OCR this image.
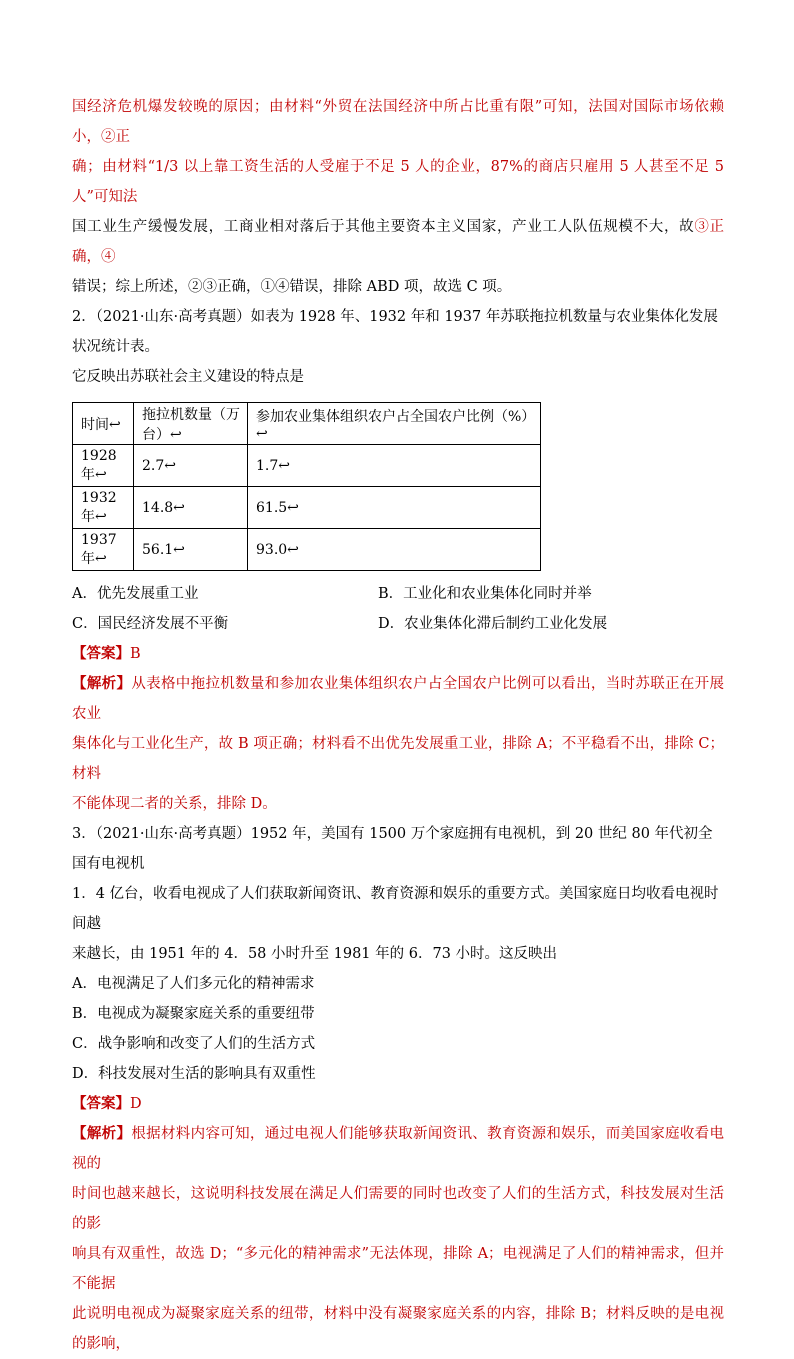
国经济危机爆发较晚的原因；由材料“外贸在法国经济中所占比重有限”可知，法国对国际市场依赖小，②正

确；由材料“1/3 以上靠工资生活的人受雇于不足 5 人的企业，87%的商店只雇用 5 人甚至不足 5 人”可知法

国工业生产缓慢发展，工商业相对落后于其他主要资本主义国家，产业工人队伍规模不大，故③正确，④

错误；综上所述，②③正确，①④错误，排除 ABD 项，故选 C 项。

2．（2021·山东·高考真题）如表为 1928 年、1932 年和 1937 年苏联拖拉机数量与农业集体化发展状况统计表。

它反映出苏联社会主义建设的特点是

时间↩	拖拉机数量（万台）↩	参加农业集体组织农户占全国农户比例（%）↩
1928 年↩	2.7↩	1.7↩
1932 年↩	14.8↩	61.5↩
1937 年↩	56.1↩	93.0↩
A．优先发展重工业	B．工业化和农业集体化同时并举
C．国民经济发展不平衡	D．农业集体化滞后制约工业化发展

【答案】B

【解析】从表格中拖拉机数量和参加农业集体组织农户占全国农户比例可以看出，当时苏联正在开展农业

集体化与工业化生产，故 B 项正确；材料看不出优先发展重工业，排除 A；不平稳看不出，排除 C；材料

不能体现二者的关系，排除 D。

3．（2021·山东·高考真题）1952 年，美国有 1500 万个家庭拥有电视机，到 20 世纪 80 年代初全国有电视机

1．4 亿台，收看电视成了人们获取新闻资讯、教育资源和娱乐的重要方式。美国家庭日均收看电视时间越

来越长，由 1951 年的 4．58 小时升至 1981 年的 6．73 小时。这反映出

A．电视满足了人们多元化的精神需求

B．电视成为凝聚家庭关系的重要纽带

C．战争影响和改变了人们的生活方式

D．科技发展对生活的影响具有双重性

【答案】D

【解析】根据材料内容可知，通过电视人们能够获取新闻资讯、教育资源和娱乐，而美国家庭收看电视的

时间也越来越长，这说明科技发展在满足人们需要的同时也改变了人们的生活方式，科技发展对生活的影

响具有双重性，故选 D；“多元化的精神需求”无法体现，排除 A；电视满足了人们的精神需求，但并不能据

此说明电视成为凝聚家庭关系的纽带，材料中没有凝聚家庭关系的内容，排除 B；材料反映的是电视的影响，
